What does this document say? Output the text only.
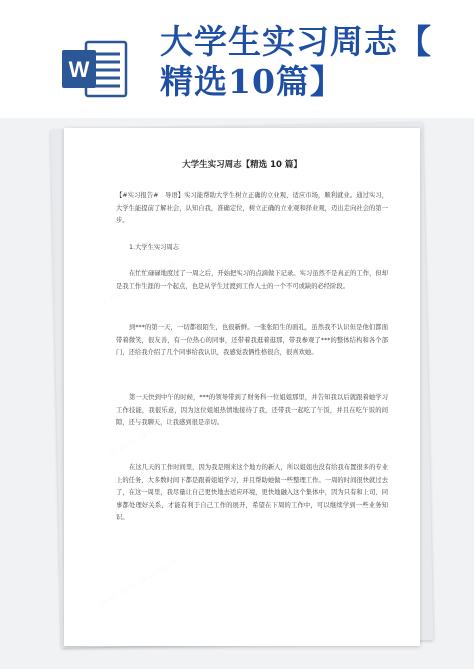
W
大学生实习周志【
精选10篇】
大学生实习周志【精选 10 篇】

【#实习报告#　导语】实习能帮助大学生树立正确的立业观，适应市场，顺利就业。通过实习，大学生能提前了解社会，认知自我，准确定位，树立正确的立业观和择业观，迈出走向社会的第一步。

1.大学生实习周志

在忙忙碌碌地度过了一周之后，开始把实习的点滴做下记录。实习虽然不是真正的工作，但却是我工作生涯的一个起点，也是从学生过渡到工作人士的一个不可或缺的必经阶段。

到***的第一天，一切都很陌生，也很新鲜。一张张陌生的面孔，虽然我不认识但是他们都面带着微笑，很友善，有一位热心的同事，还带着我逛着逛那，带我参观了***的整体结构和各个部门，还给我介绍了几个同事给我认识，我感觉我俩性格很合，很喜欢她。

第一天快到中午的时候，***的领导带到了财务科一位姐姐那里，并告知我以后就跟着她学习工作技能，我很乐意，因为这位姐姐热情地接待了我，还带我一起吃了午饭，并且在吃午饭的间隙，还与我聊天，让我感到很是亲切。

在这几天的工作时间里，因为我是刚来这个地方的新人，所以姐姐也没有给我布置很多的专业上的任务，大多数时间下都是跟着姐姐学习，并且帮助她做一些整理工作。一周的时间很快就过去了，在这一周里，我尽量让自己更快地去适应环境，更快地融入这个集体中，因为只有和上司、同事都处理好关系，才能有利于自己工作的展开，希望在下周的工作中，可以继续学到一些业务知识。
